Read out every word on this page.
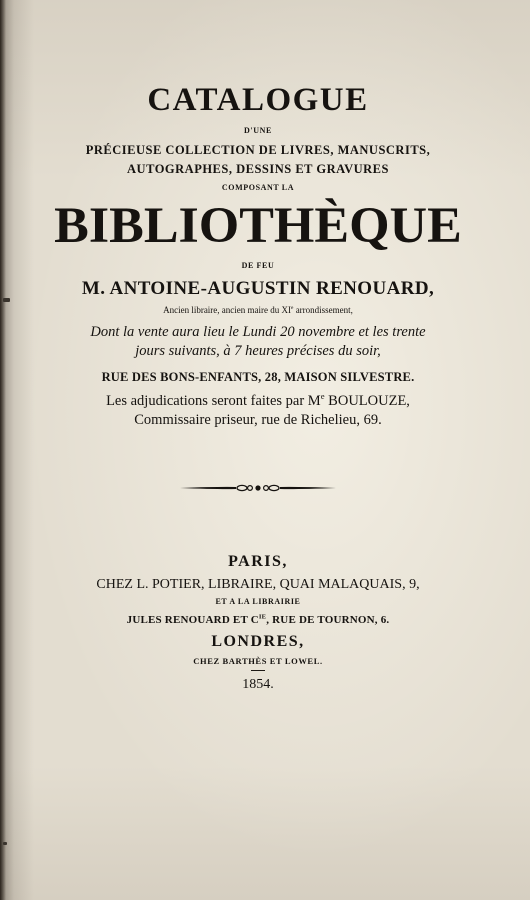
CATALOGUE
D'UNE
PRÉCIEUSE COLLECTION DE LIVRES, MANUSCRITS,
AUTOGRAPHES, DESSINS ET GRAVURES
COMPOSANT LA
BIBLIOTHÈQUE
DE FEU
M. ANTOINE-AUGUSTIN RENOUARD,
Ancien libraire, ancien maire du XIe arrondissement,
Dont la vente aura lieu le Lundi 20 novembre et les trente
jours suivants, à 7 heures précises du soir,
RUE DES BONS-ENFANTS, 28, MAISON SILVESTRE.
Les adjudications seront faites par Me BOULOUZE,
Commissaire priseur, rue de Richelieu, 69.
PARIS,
CHEZ L. POTIER, LIBRAIRE, QUAI MALAQUAIS, 9,
ET A LA LIBRAIRIE
JULES RENOUARD ET $C^{IE}$, RUE DE TOURNON, 6.
LONDRES,
CHEZ BARTHÈS ET LOWEL.
1854.
